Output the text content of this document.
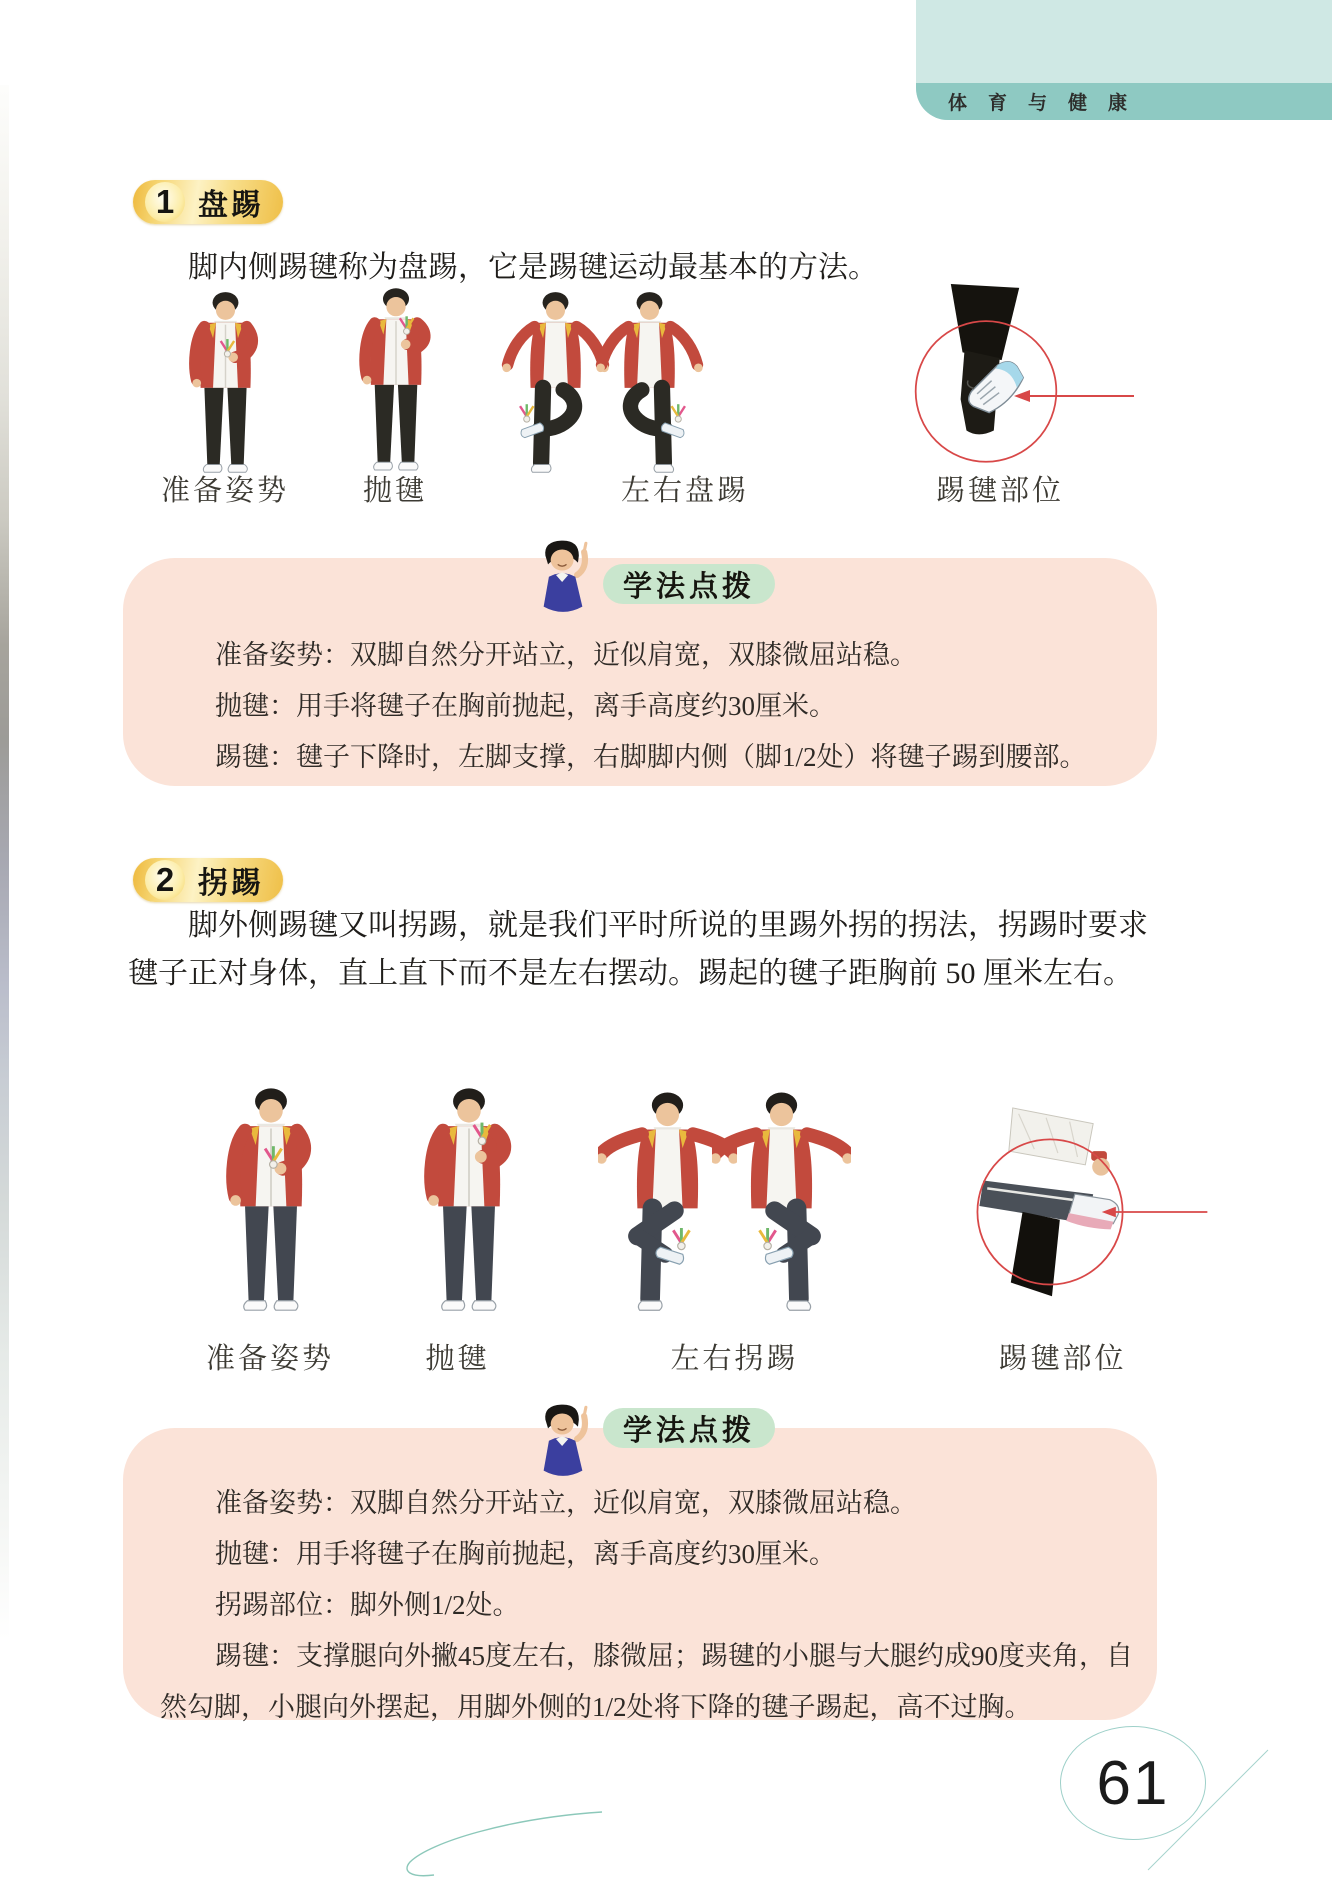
体育与健康
1 盘踢
脚内侧踢毽称为盘踢，它是踢毽运动最基本的方法。
准备姿势	抛毽	左右盘踢	踢毽部位
学法点拨

准备姿势：双脚自然分开站立，近似肩宽，双膝微屈站稳。

抛毽：用手将毽子在胸前抛起，离手高度约30厘米。

踢毽：毽子下降时，左脚支撑，右脚脚内侧（脚1/2处）将毽子踢到腰部。

2 拐踢
脚外侧踢毽又叫拐踢，就是我们平时所说的里踢外拐的拐法，拐踢时要求
毽子正对身体，直上直下而不是左右摆动。踢起的毽子距胸前 50 厘米左右。
准备姿势	抛毽	左右拐踢	踢毽部位
学法点拨

准备姿势：双脚自然分开站立，近似肩宽，双膝微屈站稳。

抛毽：用手将毽子在胸前抛起，离手高度约30厘米。

拐踢部位：脚外侧1/2处。

踢毽：支撑腿向外撇45度左右，膝微屈；踢毽的小腿与大腿约成90度夹角，自然勾脚，小腿向外摆起，用脚外侧的1/2处将下降的毽子踢起，高不过胸。

61
